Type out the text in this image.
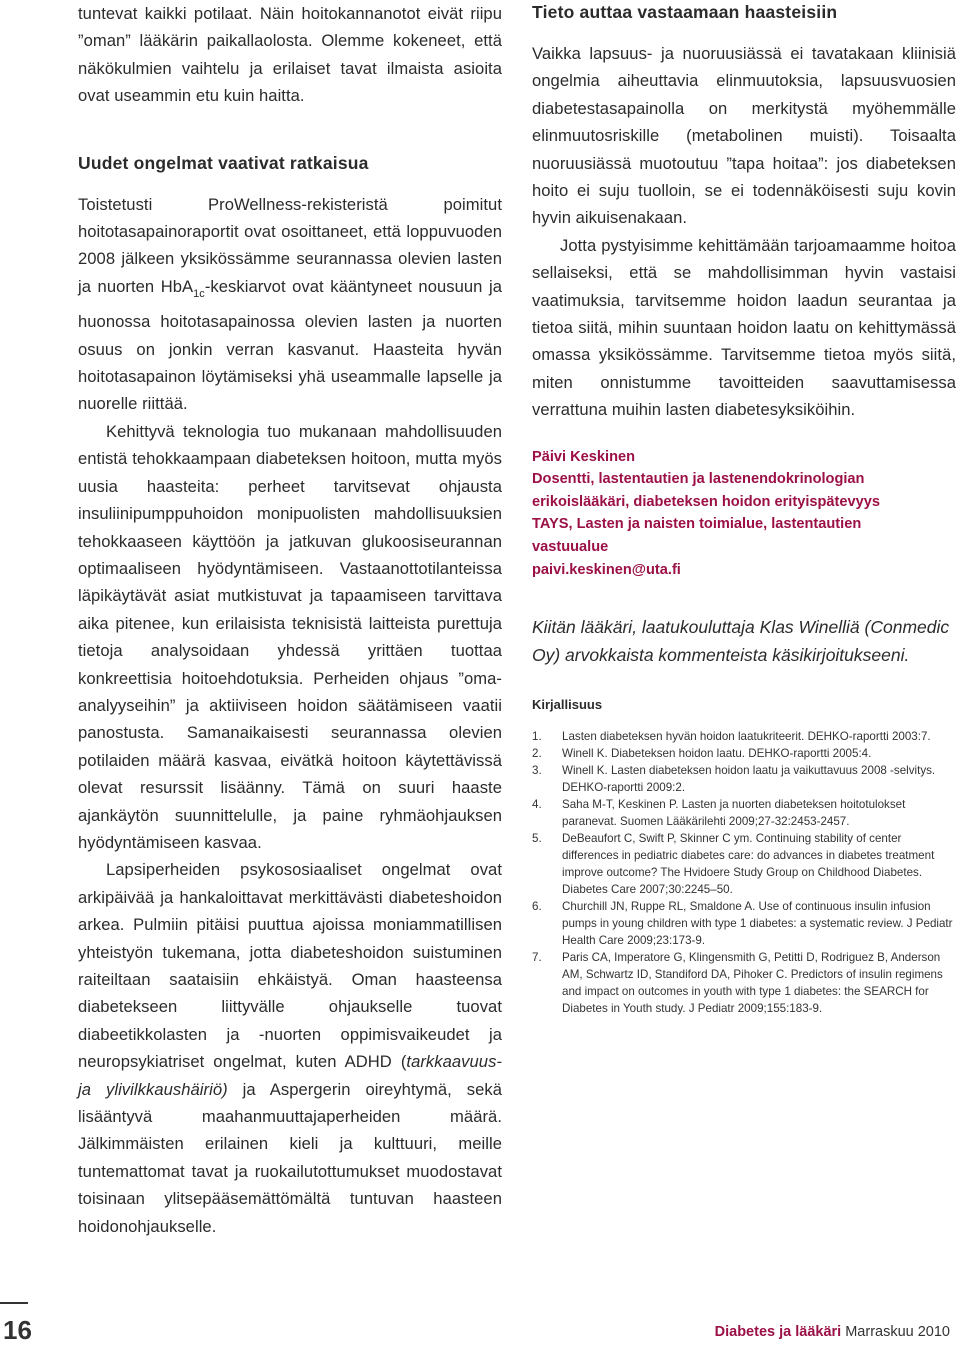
tuntevat kaikki potilaat. Näin hoitokannanotot eivät riipu ”oman” lääkärin paikallaolosta. Olemme kokeneet, että näkökulmien vaihtelu ja erilaiset tavat ilmaista asioita ovat useammin etu kuin haitta.

Uudet ongelmat vaativat ratkaisua

Toistetusti ProWellness-rekisteristä poimitut hoitotasapainoraportit ovat osoittaneet, että loppuvuoden 2008 jälkeen yksikössämme seurannassa olevien lasten ja nuorten HbA$_{1c}$-keskiarvot ovat kääntyneet nousuun ja huonossa hoitotasapainossa olevien lasten ja nuorten osuus on jonkin verran kasvanut. Haasteita hyvän hoitotasapainon löytämiseksi yhä useammalle lapselle ja nuorelle riittää.

Kehittyvä teknologia tuo mukanaan mahdollisuuden entistä tehokkaampaan diabeteksen hoitoon, mutta myös uusia haasteita: perheet tarvitsevat ohjausta insuliinipumppuhoidon monipuolisten mahdollisuuksien tehokkaaseen käyttöön ja jatkuvan glukoosiseurannan optimaaliseen hyödyntämiseen. Vastaanottotilanteissa läpikäytävät asiat mutkistuvat ja tapaamiseen tarvittava aika pitenee, kun erilaisista teknisistä laitteista purettuja tietoja analysoidaan yhdessä yrittäen tuottaa konkreettisia hoitoehdotuksia. Perheiden ohjaus ”oma-analyyseihin” ja aktiiviseen hoidon säätämiseen vaatii panostusta. Samanaikaisesti seurannassa olevien potilaiden määrä kasvaa, eivätkä hoitoon käytettävissä olevat resurssit lisäänny. Tämä on suuri haaste ajankäytön suunnittelulle, ja paine ryhmäohjauksen hyödyntämiseen kasvaa.

Lapsiperheiden psykososiaaliset ongelmat ovat arkipäivää ja hankaloittavat merkittävästi diabeteshoidon arkea. Pulmiin pitäisi puuttua ajoissa moniammatillisen yhteistyön tukemana, jotta diabeteshoidon suistuminen raiteiltaan saataisiin ehkäistyä. Oman haasteensa diabetekseen liittyvälle ohjaukselle tuovat diabeetikkolasten ja -nuorten oppimisvaikeudet ja neuropsykiatriset ongelmat, kuten ADHD (tarkkaavuus- ja ylivilkkaushäiriö) ja Aspergerin oireyhtymä, sekä lisääntyvä maahanmuuttajaperheiden määrä. Jälkimmäisten erilainen kieli ja kulttuuri, meille tuntemattomat tavat ja ruokailutottumukset muodostavat toisinaan ylitsepääsemättömältä tuntuvan haasteen hoidonohjaukselle.

Tieto auttaa vastaamaan haasteisiin

Vaikka lapsuus- ja nuoruusiässä ei tavatakaan kliinisiä ongelmia aiheuttavia elinmuutoksia, lapsuusvuosien diabetestasapainolla on merkitystä myöhemmälle elinmuutosriskille (metabolinen muisti). Toisaalta nuoruusiässä muotoutuu ”tapa hoitaa”: jos diabeteksen hoito ei suju tuolloin, se ei todennäköisesti suju kovin hyvin aikuisenakaan.

Jotta pystyisimme kehittämään tarjoamaamme hoitoa sellaiseksi, että se mahdollisimman hyvin vastaisi vaatimuksia, tarvitsemme hoidon laadun seurantaa ja tietoa siitä, mihin suuntaan hoidon laatu on kehittymässä omassa yksikössämme. Tarvitsemme tietoa myös siitä, miten onnistumme tavoitteiden saavuttamisessa verrattuna muihin lasten diabetesyksiköihin.

Päivi Keskinen
Dosentti, lastentautien ja lastenendokrinologian
erikoislääkäri, diabeteksen hoidon erityispätevyys
TAYS, Lasten ja naisten toimialue, lastentautien
vastuualue
paivi.keskinen@uta.fi
Kiitän lääkäri, laatukouluttaja Klas Winelliä (Conmedic Oy) arvokkaista kommenteista käsikirjoitukseeni.
Kirjallisuus
1.	Lasten diabeteksen hyvän hoidon laatukriteerit. DEHKO-raportti 2003:7.
2.	Winell K. Diabeteksen hoidon laatu. DEHKO-raportti 2005:4.
3.	Winell K. Lasten diabeteksen hoidon laatu ja vaikuttavuus 2008 -selvitys. DEHKO-raportti 2009:2.
4.	Saha M-T, Keskinen P. Lasten ja nuorten diabeteksen hoitotulokset paranevat. Suomen Lääkärilehti 2009;27-32:2453-2457.
5.	DeBeaufort C, Swift P, Skinner C ym. Continuing stability of center differences in pediatric diabetes care: do advances in diabetes treatment improve outcome? The Hvidoere Study Group on Childhood Diabetes. Diabetes Care 2007;30:2245–50.
6.	Churchill JN, Ruppe RL, Smaldone A. Use of continuous insulin infusion pumps in young children with type 1 diabetes: a systematic review. J Pediatr Health Care 2009;23:173-9.
7.	Paris CA, Imperatore G, Klingensmith G, Petitti D, Rodriguez B, Anderson AM, Schwartz ID, Standiford DA, Pihoker C. Predictors of insulin regimens and impact on outcomes in youth with type 1 diabetes: the SEARCH for Diabetes in Youth study. J Pediatr 2009;155:183-9.
16	Diabetes ja lääkäri Marraskuu 2010
